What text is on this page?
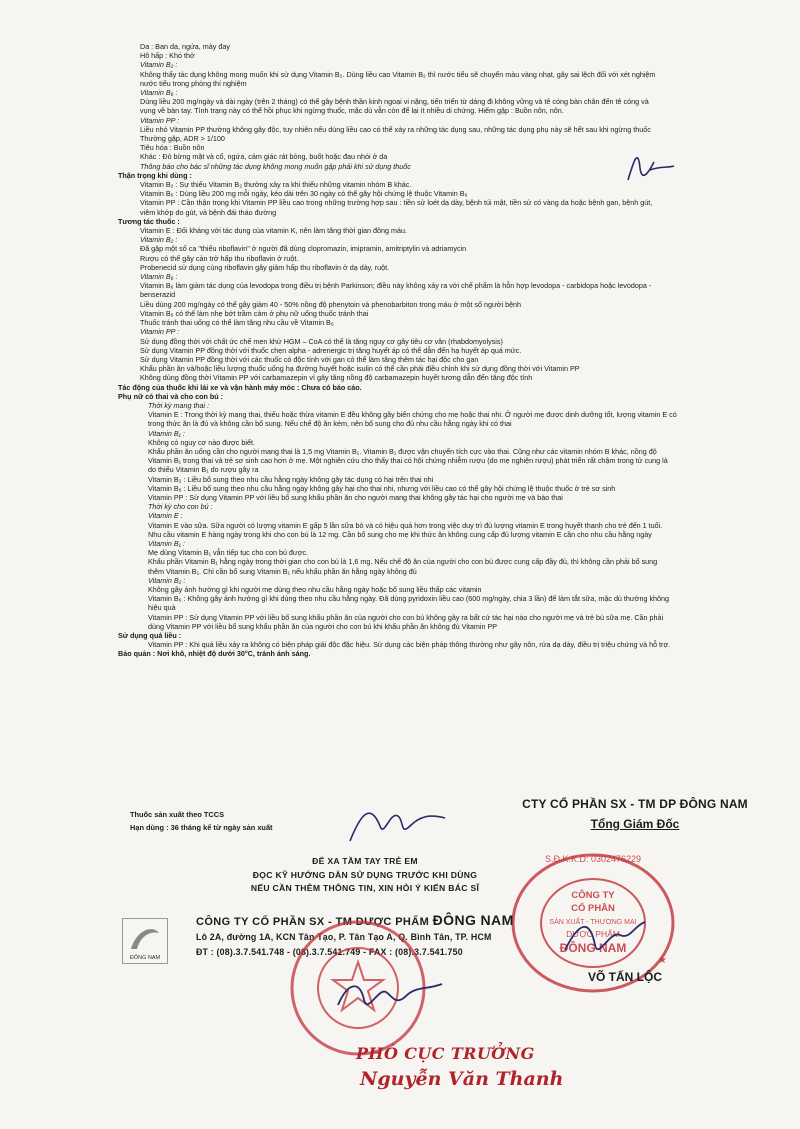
Da : Ban da, ngứa, mày đay
Hô hấp : Khó thở
Vitamin B₂ :
Không thấy tác dụng không mong muốn khi sử dụng Vitamin B₂. Dùng liều cao Vitamin B₂ thì nước tiểu sẽ chuyển màu vàng nhạt, gây sai lệch đối với xét nghiệm
nước tiểu trong phòng thí nghiệm
Vitamin B₆ :
Dùng liều 200 mg/ngày và dài ngày (trên 2 tháng) có thể gây bệnh thần kinh ngoại vi nặng, tiến triển từ dáng đi không vững và tê cóng bàn chân đến tê cóng và
vụng về bàn tay. Tình trạng này có thể hồi phục khi ngừng thuốc, mặc dù vẫn còn để lại ít nhiều di chứng. Hiếm gặp : Buồn nôn, nôn.
Vitamin PP :
Liều nhỏ Vitamin PP thường không gây độc, tuy nhiên nếu dùng liều cao có thể xảy ra những tác dụng sau, những tác dụng phụ này sẽ hết sau khi ngừng thuốc
Thường gặp, ADR > 1/100
Tiêu hóa : Buồn nôn
Khác : Đỏ bừng mặt và cổ, ngứa, cảm giác rát bỏng, buốt hoặc đau nhói ở da
Thông báo cho bác sĩ những tác dụng không mong muốn gặp phải khi sử dụng thuốc
Thận trọng khi dùng :
Vitamin B₂ : Sự thiếu Vitamin B₂ thường xảy ra khi thiếu những vitamin nhóm B khác.
Vitamin B₆ : Dùng liều 200 mg mỗi ngày, kéo dài trên 30 ngày có thể gây hội chứng lệ thuộc Vitamin B₆
Vitamin PP : Cần thận trọng khi Vitamin PP liều cao trong những trường hợp sau : tiền sử loét dạ dày, bệnh túi mật, tiền sử có vàng da hoặc bệnh gan, bệnh gút,
viêm khớp do gút, và bệnh đái tháo đường
Tương tác thuốc :
Vitamin E : Đối kháng với tác dụng của vitamin K, nên làm tăng thời gian đông máu.
Vitamin B₂ :
Đã gặp một số ca "thiếu riboflavin" ở người đã dùng clopromazin, imipramin, amitriptylin và adriamycin
Rượu có thể gây cản trở hấp thu riboflavin ở ruột.
Probenecid sử dụng cùng riboflavin gây giảm hấp thu riboflavin ở dạ dày, ruột.
Vitamin B₆ :
Vitamin B₆ làm giảm tác dụng của levodopa trong điều trị bệnh Parkinson; điều này không xảy ra với chế phẩm là hỗn hợp levodopa - carbidopa hoặc levodopa -
benserazid
Liều dùng 200 mg/ngày có thể gây giảm 40 - 50% nồng độ phenytoin và phenobarbiton trong máu ở một số người bệnh
Vitamin B₆ có thể làm nhẹ bớt trầm cảm ở phụ nữ uống thuốc tránh thai
Thuốc tránh thai uống có thể làm tăng nhu cầu về Vitamin B₆
Vitamin PP :
Sử dụng đồng thời với chất ức chế men khử HGM – CoA có thể là tăng nguy cơ gây tiêu cơ vân (rhabdomyolysis)
Sử dụng Vitamin PP đồng thời với thuốc chẹn alpha - adrenergic trị tăng huyết áp có thể dẫn đến hạ huyết áp quá mức.
Sử dụng Vitamin PP đồng thời với các thuốc có độc tính với gan có thể làm tăng thêm tác hại độc cho gan
Khẩu phần ăn và/hoặc liều lượng thuốc uống hạ đường huyết hoặc isulin có thể cần phải điều chỉnh khi sử dụng đồng thời với Vitamin PP
Không dùng đồng thời Vitamin PP với carbamazepin vì gây tăng nồng độ carbamazepin huyết tương dẫn đến tăng độc tính
Tác động của thuốc khi lái xe và vận hành máy móc : Chưa có báo cáo.
Phụ nữ có thai và cho con bú :
Thời kỳ mang thai :
Vitamin E : Trong thời kỳ mang thai, thiếu hoặc thừa vitamin E đều không gây biến chứng cho mẹ hoặc thai nhi. Ở người mẹ được dinh dưỡng tốt, lượng vitamin E có
trong thức ăn là đủ và không cần bổ sung. Nếu chế độ ăn kém, nên bổ sung cho đủ nhu cầu hằng ngày khi có thai
Vitamin B₁ :
Không có nguy cơ nào được biết.
Khẩu phần ăn uống cần cho người mang thai là 1,5 mg Vitamin B₁. Vitamin B₁ được vận chuyển tích cực vào thai. Cũng như các vitamin nhóm B khác, nồng độ
Vitamin B₁ trong thai và trẻ sơ sinh cao hơn ở mẹ. Một nghiên cứu cho thấy thai có hội chứng nhiễm rượu (do mẹ nghiện rượu) phát triển rất chậm trong tử cung là
do thiếu Vitamin B₁ do rượu gây ra
Vitamin B₂ : Liều bổ sung theo nhu cầu hằng ngày không gây tác dụng có hại trên thai nhi
Vitamin B₆ : Liều bổ sung theo nhu cầu hằng ngày không gây hại cho thai nhi, nhưng với liều cao có thể gây hội chứng lệ thuộc thuốc ở trẻ sơ sinh
Vitamin PP : Sử dụng Vitamin PP với liều bổ sung khẩu phần ăn cho người mang thai không gây tác hại cho người mẹ và bào thai
Thời kỳ cho con bú :
Vitamin E :
Vitamin E vào sữa. Sữa người có lượng vitamin E gấp 5 lần sữa bò và có hiệu quả hơn trong việc duy trì đủ lượng vitamin E trong huyết thanh cho trẻ đến 1 tuổi.
Nhu cầu vitamin E hàng ngày trong khi cho con bú là 12 mg. Cần bổ sung cho mẹ khi thức ăn không cung cấp đủ lượng vitamin E cần cho nhu cầu hằng ngày
Vitamin B₁ :
Mẹ dùng Vitamin B₁ vẫn tiếp tục cho con bú được.
Khẩu phần Vitamin B₁ hằng ngày trong thời gian cho con bú là 1,6 mg. Nếu chế độ ăn của người cho con bú được cung cấp đầy đủ, thì không cần phải bổ sung
thêm Vitamin B₁. Chỉ cần bổ sung Vitamin B₁ nếu khẩu phần ăn hằng ngày không đủ
Vitamin B₂ :
Không gây ảnh hưởng gì khi người mẹ dùng theo nhu cầu hằng ngày hoặc bổ sung liều thấp các vitamin
Vitamin B₆ : Không gây ảnh hưởng gì khi dùng theo nhu cầu hằng ngày. Đã dùng pyridoxin liều cao (600 mg/ngày, chia 3 lần) để làm tắt sữa, mặc dù thường không
hiệu quả
Vitamin PP : Sử dụng Vitamin PP với liều bổ sung khẩu phần ăn của người cho con bú không gây ra bất cứ tác hại nào cho người mẹ và trẻ bú sữa mẹ. Cần phải
dùng Vitamin PP với liều bổ sung khẩu phần ăn của người cho con bú khi khẩu phần ăn không đủ Vitamin PP
Sử dụng quá liều :
Vitamin PP : Khi quá liều xảy ra không có biện pháp giải độc đặc hiệu. Sử dụng các biện pháp thông thường như gây nôn, rửa dạ dày, điều trị triệu chứng và hỗ trợ.
Bảo quản : Nơi khô, nhiệt độ dưới 30°C, tránh ánh sáng.
Thuốc sản xuất theo TCCS
Hạn dùng : 36 tháng kể từ ngày sản xuất
ĐỂ XA TẦM TAY TRẺ EM
ĐỌC KỸ HƯỚNG DẪN SỬ DỤNG TRƯỚC KHI DÙNG
NẾU CẦN THÊM THÔNG TIN, XIN HỎI Ý KIẾN BÁC SĨ
CTY CỔ PHẦN SX - TM DP ĐÔNG NAM
Tổng Giám Đốc
S.Đ.K.K.D: 0302476229
CÔNG TY
CỔ PHẦN
SẢN XUẤT - THƯƠNG MẠI
DƯỢC PHẨM
ĐÔNG NAM
★
VÕ TẤN LỘC
ĐÔNG NAM
CÔNG TY CỔ PHẦN SX - TM DƯỢC PHẨM ĐÔNG NAM
Lô 2A, đường 1A, KCN Tân Tạo, P. Tân Tạo A, Q. Bình Tân, TP. HCM
ĐT : (08).3.7.541.748 - (08).3.7.541.749 - FAX : (08).3.7.541.750
PHÓ CỤC TRƯỞNG
Nguyễn Văn Thanh
